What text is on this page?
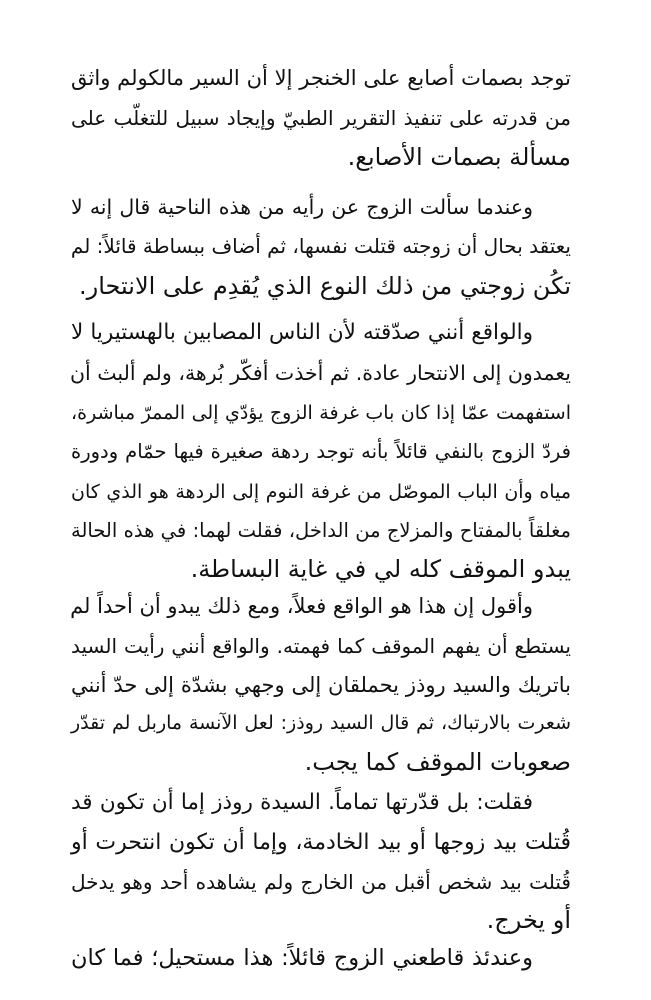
توجد بصمات أصابع على الخنجر إلا أن السير مالكولم واثق
من قدرته على تنفيذ التقرير الطبيّ وإيجاد سبيل للتغلّب على
مسألة بصمات الأصابع.
وعندما سألت الزوج عن رأيه من هذه الناحية قال إنه لا
يعتقد بحال أن زوجته قتلت نفسها، ثم أضاف ببساطة قائلاً: لم
تكُن زوجتي من ذلك النوع الذي يُقدِم على الانتحار.
والواقع أنني صدّقته لأن الناس المصابين بالهستيريا لا
يعمدون إلى الانتحار عادة. ثم أخذت أفكّر بُرهة، ولم ألبث أن
استفهمت عمّا إذا كان باب غرفة الزوج يؤدّي إلى الممرّ مباشرة،
فردّ الزوج بالنفي قائلاً بأنه توجد ردهة صغيرة فيها حمّام ودورة
مياه وأن الباب الموصّل من غرفة النوم إلى الردهة هو الذي كان
مغلقاً بالمفتاح والمزلاج من الداخل، فقلت لهما: في هذه الحالة
يبدو الموقف كله لي في غاية البساطة.
وأقول إن هذا هو الواقع فعلاً، ومع ذلك يبدو أن أحداً لم
يستطع أن يفهم الموقف كما فهمته. والواقع أنني رأيت السيد
باتريك والسيد روذز يحملقان إلى وجهي بشدّة إلى حدّ أنني
شعرت بالارتباك، ثم قال السيد روذز: لعل الآنسة ماربل لم تقدّر
صعوبات الموقف كما يجب.
فقلت: بل قدّرتها تماماً. السيدة روذز إما أن تكون قد
قُتلت بيد زوجها أو بيد الخادمة، وإما أن تكون انتحرت أو
قُتلت بيد شخص أقبل من الخارج ولم يشاهده أحد وهو يدخل
أو يخرج.
وعندئذ قاطعني الزوج قائلاً: هذا مستحيل؛ فما كان
